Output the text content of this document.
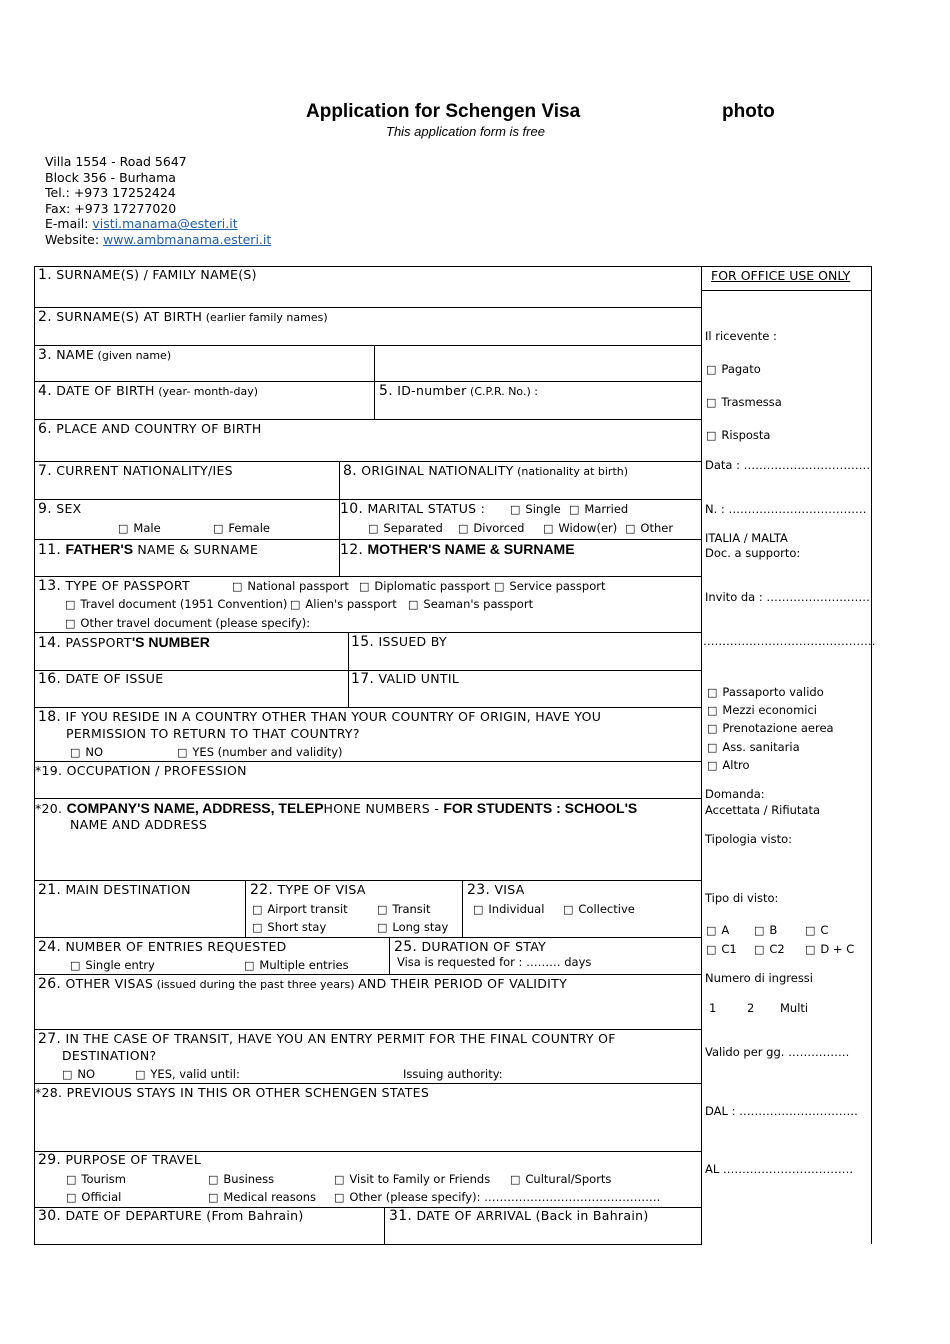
Application for Schengen Visa	photo
This application form is free
Villa 1554 - Road 5647
Block 356 - Burhama
Tel.: +973 17252424
Fax: +973 17277020
E-mail: visti.manama@esteri.it
Website: www.ambmanama.esteri.it
1. SURNAME(S) / FAMILY NAME(S)
2. SURNAME(S) AT BIRTH (earlier family names)
3. NAME (given name)
4. DATE OF BIRTH (year- month-day)	5. ID-number (C.P.R. No.) :
6. PLACE AND COUNTRY OF BIRTH
7. CURRENT NATIONALITY/IES	8. ORIGINAL NATIONALITY (nationality at birth)
9. SEX
□ Male	□ Female
10. MARITAL STATUS :	□ Single	□ Married
□ Separated	□ Divorced	□ Widow(er)	□ Other
11. FATHER'S NAME & SURNAME	12. MOTHER'S NAME & SURNAME
13. TYPE OF PASSPORT	□ National passport	□ Diplomatic passport	□ Service passport
□ Travel document (1951 Convention)	□ Alien's passport	□ Seaman's passport
□ Other travel document (please specify):
14. PASSPORT'S NUMBER	15. ISSUED BY
16. DATE OF ISSUE	17. VALID UNTIL
18. IF YOU RESIDE IN A COUNTRY OTHER THAN YOUR COUNTRY OF ORIGIN, HAVE YOU
PERMISSION TO RETURN TO THAT COUNTRY?
□ NO	□ YES (number and validity)
*19. OCCUPATION / PROFESSION
*20. COMPANY'S NAME, ADDRESS, TELEPHONE NUMBERS - FOR STUDENTS : SCHOOL'S
NAME AND ADDRESS
21. MAIN DESTINATION	22. TYPE OF VISA
□ Airport transit	□ Transit
□ Short stay	□ Long stay
23. VISA
□ Individual	□ Collective
24. NUMBER OF ENTRIES REQUESTED
□ Single entry	□ Multiple entries
25. DURATION OF STAY
Visa is requested for : ……… days
26. OTHER VISAS (issued during the past three years) AND THEIR PERIOD OF VALIDITY
27. IN THE CASE OF TRANSIT, HAVE YOU AN ENTRY PERMIT FOR THE FINAL COUNTRY OF
DESTINATION?
□ NO	□ YES, valid until:	Issuing authority:
*28. PREVIOUS STAYS IN THIS OR OTHER SCHENGEN STATES
29. PURPOSE OF TRAVEL
□ Tourism	□ Business	□ Visit to Family or Friends	□ Cultural/Sports
□ Official	□ Medical reasons	□ Other (please specify): ……………………………………….
30. DATE OF DEPARTURE (From Bahrain)	31. DATE OF ARRIVAL (Back in Bahrain)
FOR OFFICE USE ONLY
Il ricevente :
□ Pagato
□ Trasmessa
□ Risposta
Data : ……………………………
N. : ………………………………
ITALIA / MALTA
Doc. a supporto:
Invito da : ………………………
………………………………………
□ Passaporto valido
□ Mezzi economici
□ Prenotazione aerea
□ Ass. sanitaria
□ Altro
Domanda:
Accettata / Rifiutata
Tipologia visto:
Tipo di visto:
□ A	□ B	□ C
□ C1	□ C2	□ D + C
Numero di ingressi
1	2 Multi
Valido per gg. …………….
DAL : ………………………….
AL …………………………….
